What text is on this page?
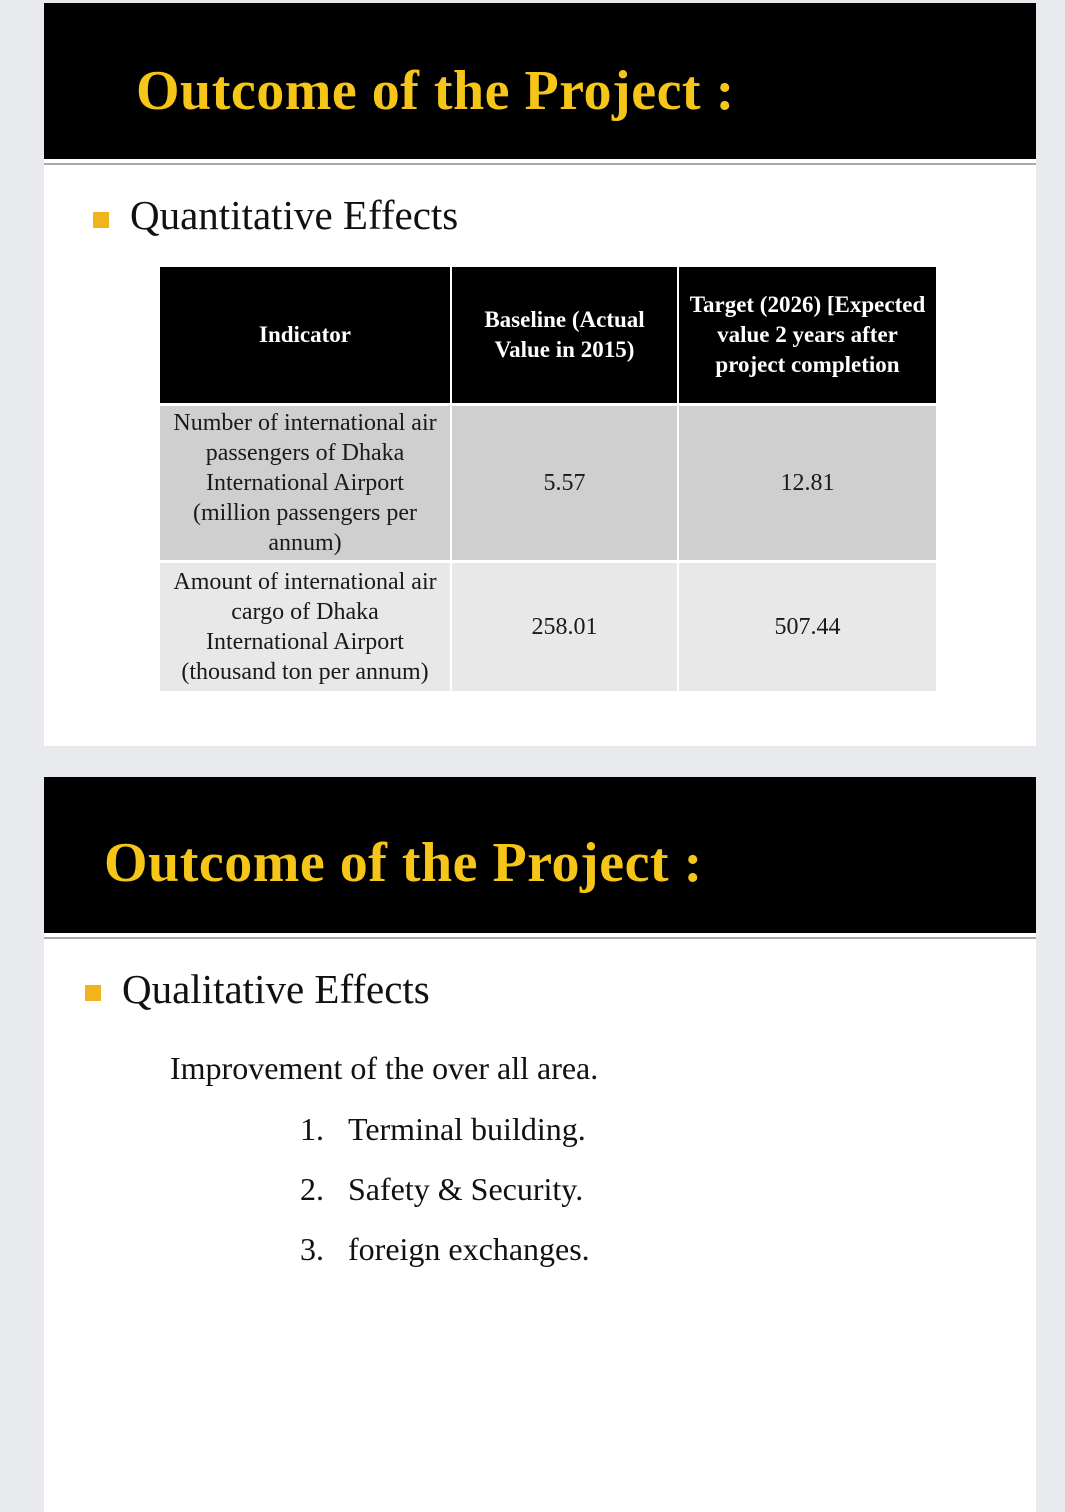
Outcome of the Project :
Quantitative Effects
Indicator	Baseline (Actual Value in 2015)	Target (2026) [Expected value 2 years after project completion
Number of international air passengers of Dhaka International Airport (million passengers per annum)	5.57	12.81
Amount of international air cargo of Dhaka International Airport (thousand ton per annum)	258.01	507.44
Outcome of the Project :
Qualitative Effects
Improvement of the over all area.
1. Terminal building.
2. Safety & Security.
3. foreign exchanges.
